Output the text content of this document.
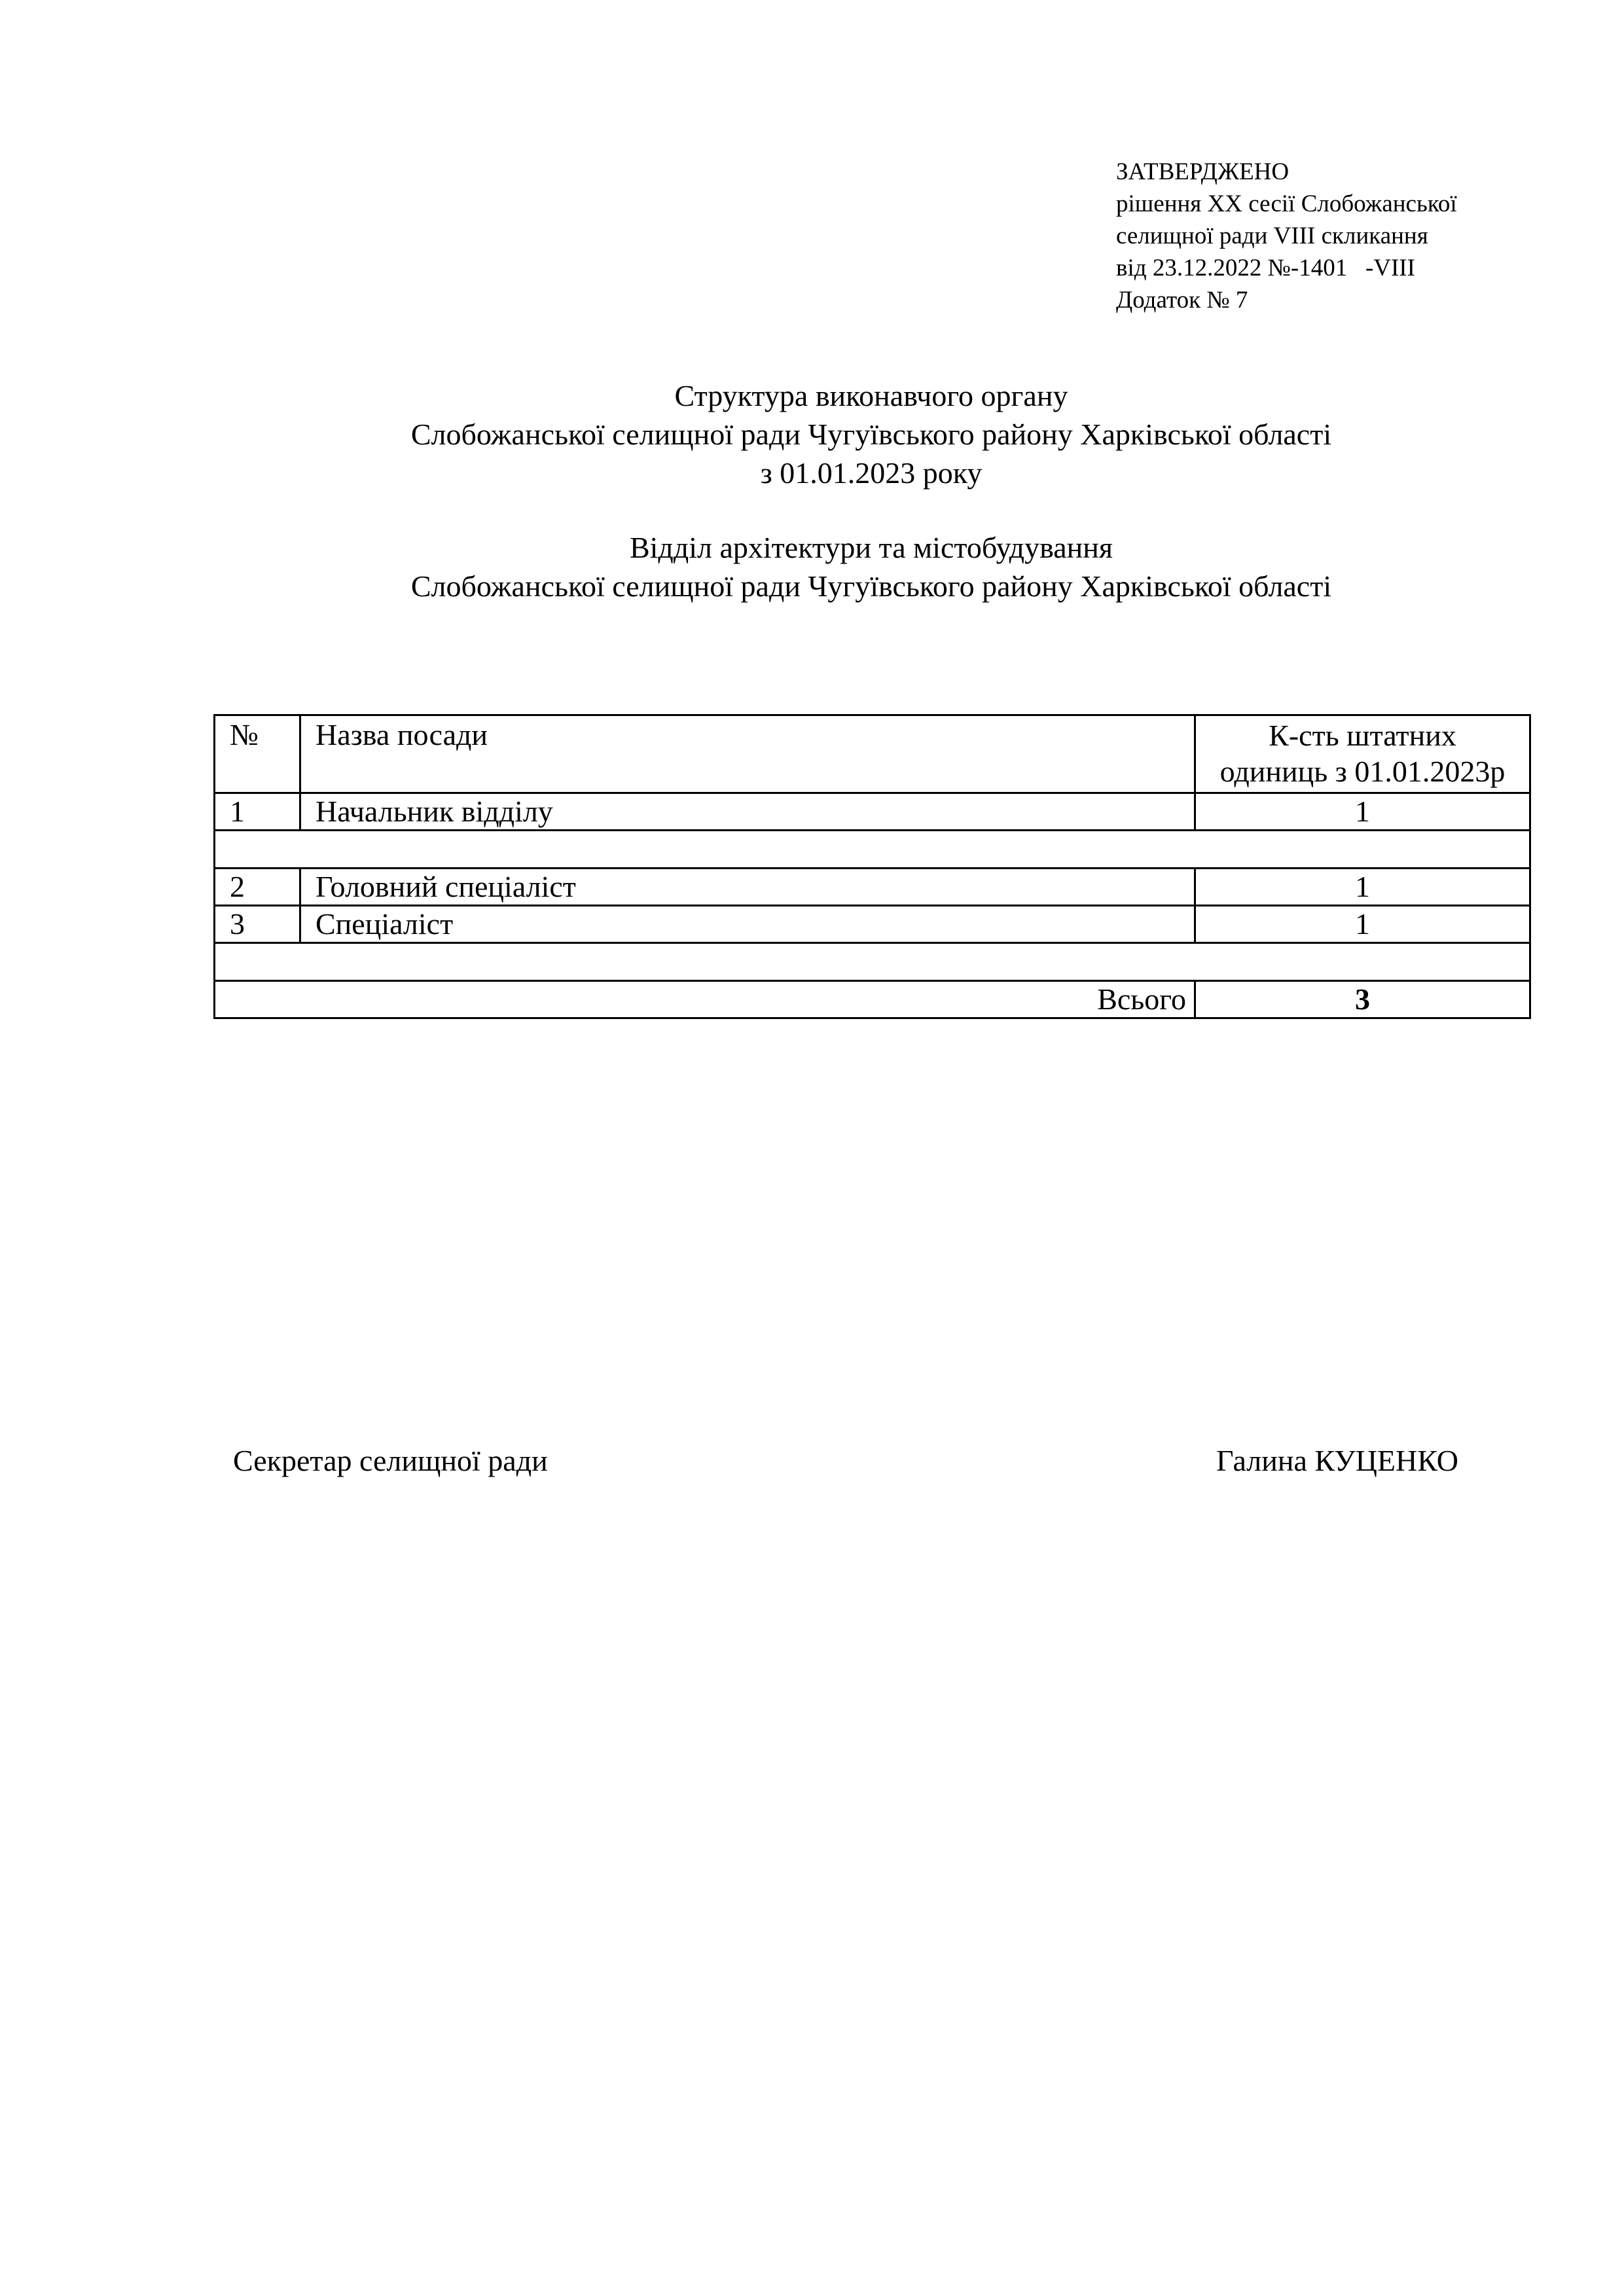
ЗАТВЕРДЖЕНО
рішення XX сесії Слобожанської
селищної ради VIII скликання
від 23.12.2022 №-1401   -VIII
Додаток № 7
Структура виконавчого органу
Слобожанської селищної ради Чугуївського району Харківської області
з 01.01.2023 року
Відділ архітектури та містобудування
Слобожанської селищної ради Чугуївського району Харківської області
№	Назва посади	К-сть штатних
одиниць з 01.01.2023р

1	Начальник відділу	1

2	Головний спеціаліст	1
3	Спеціаліст	1

Всього		3
Секретар селищної ради	Галина КУЦЕНКО
